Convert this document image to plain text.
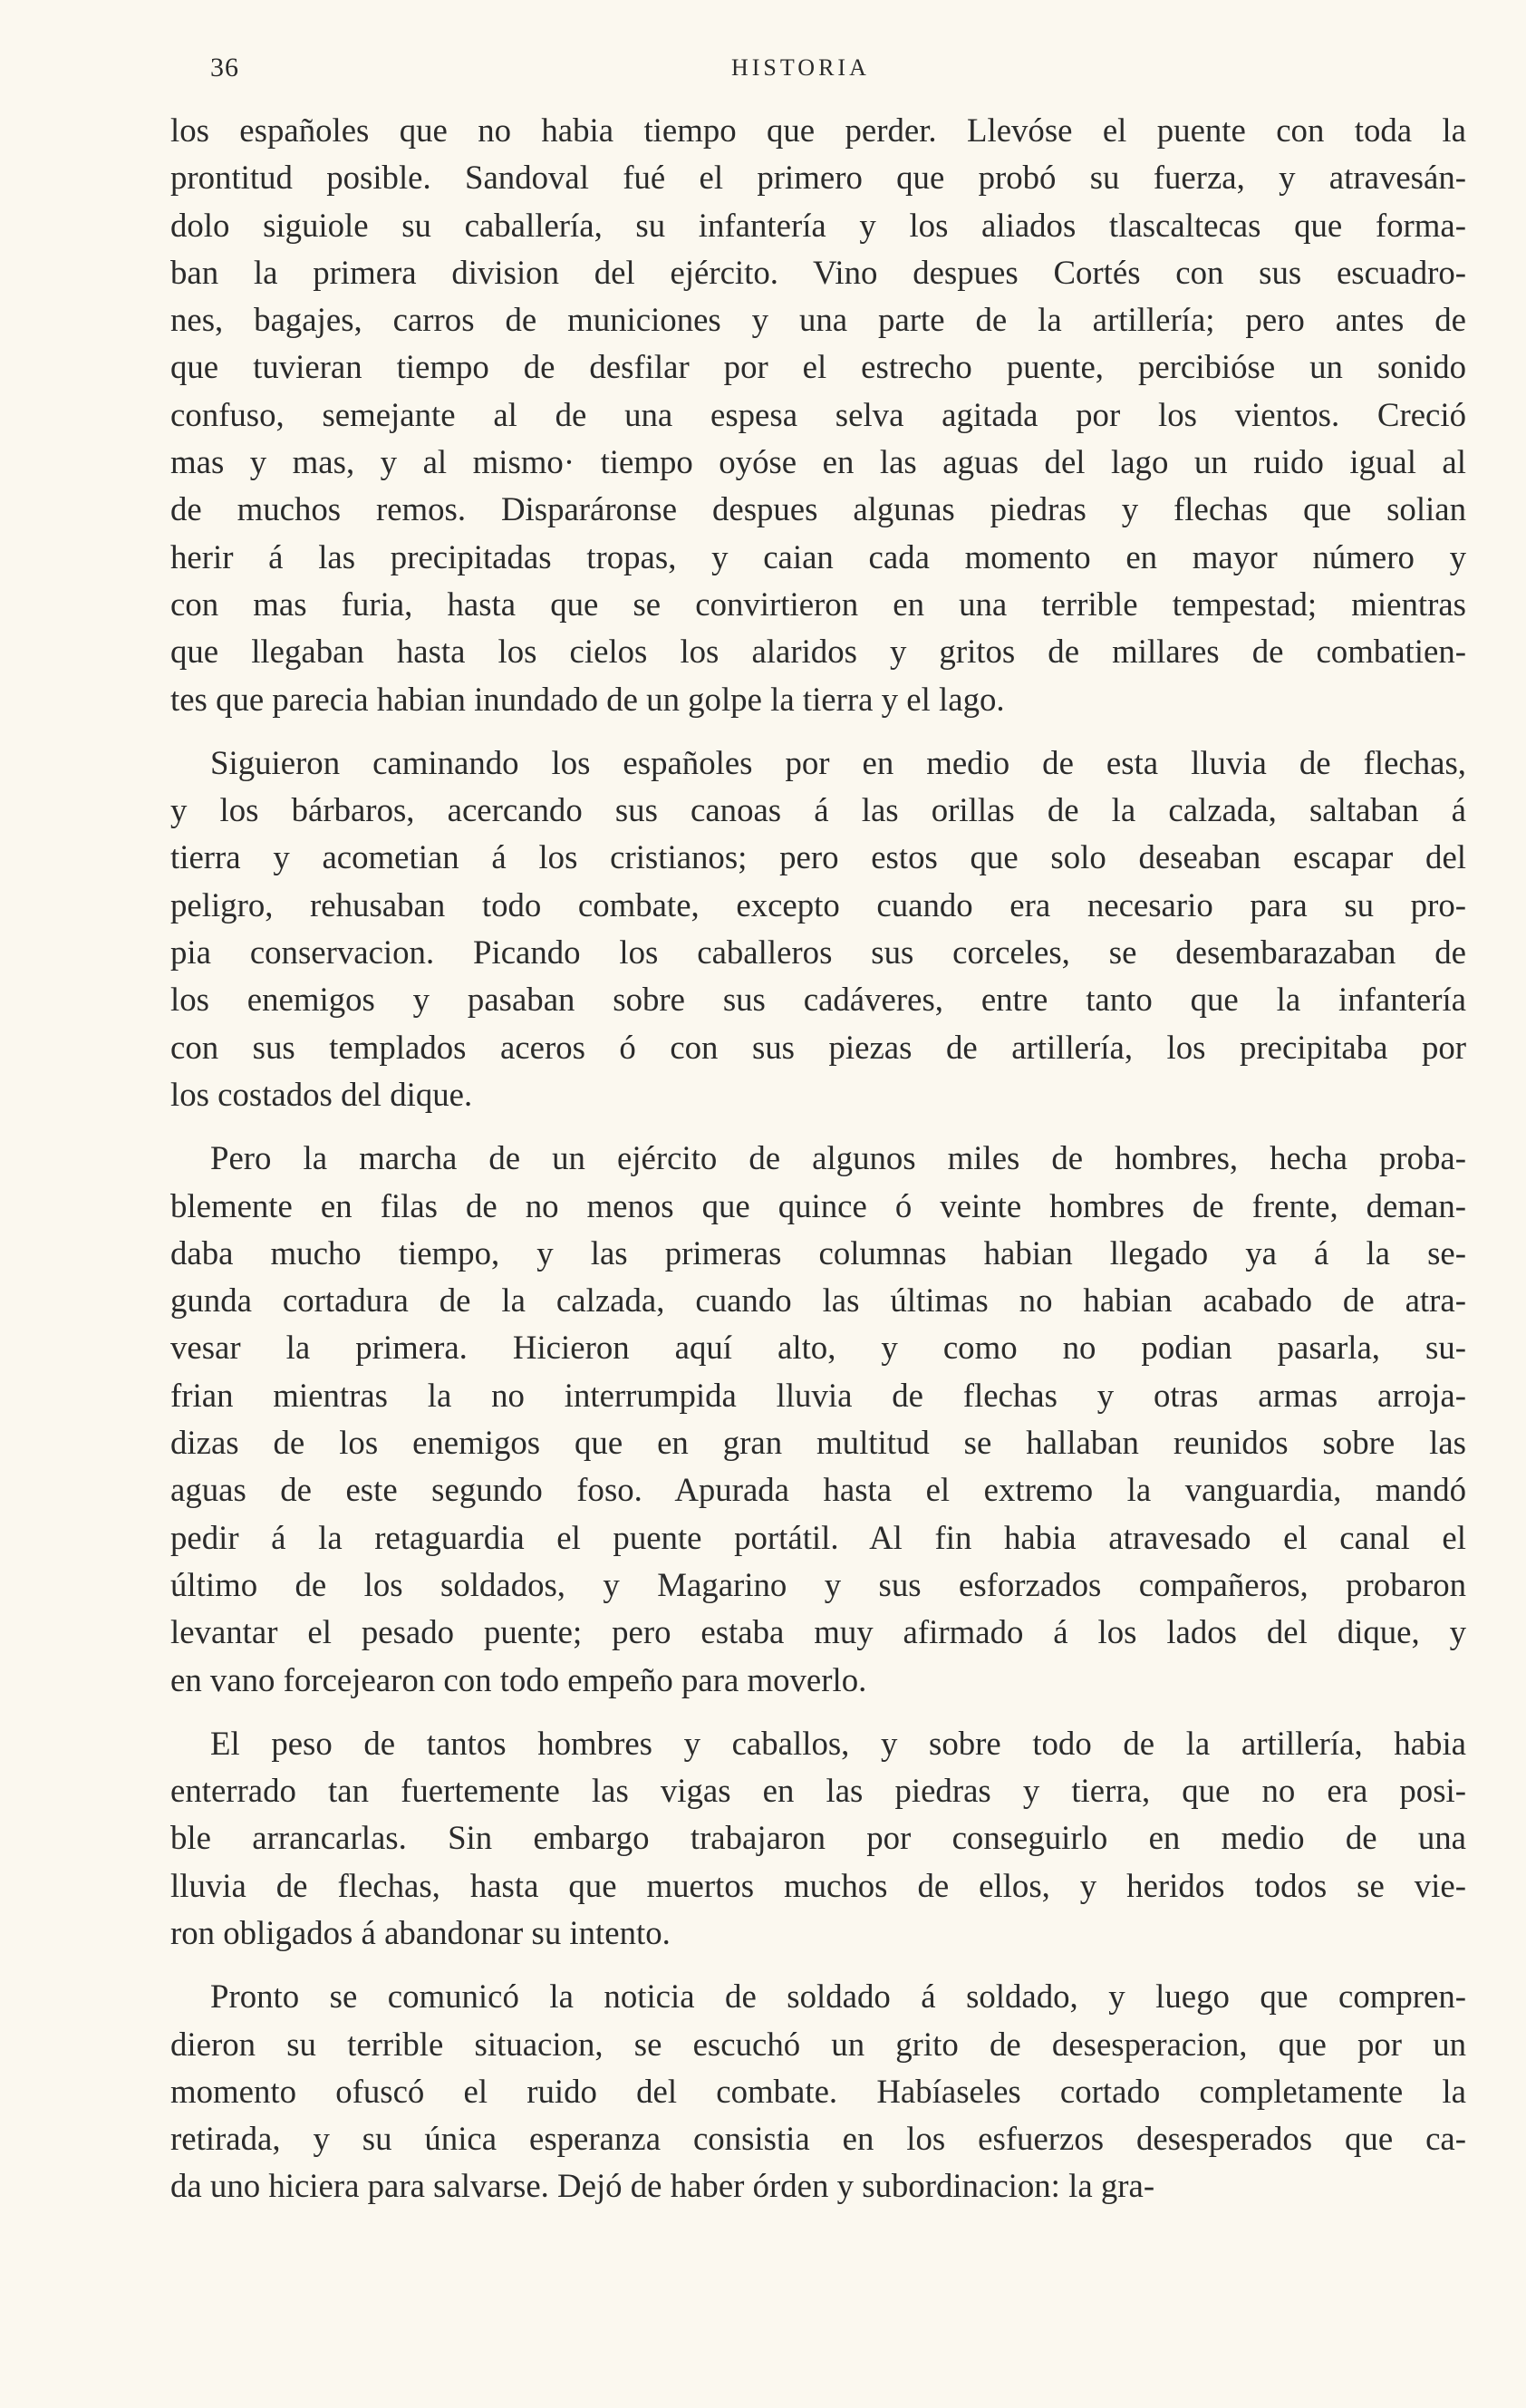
36	HISTORIA
los españoles que no habia tiempo que perder. Llevóse el puente con toda la
prontitud posible. Sandoval fué el primero que probó su fuerza, y atravesán-
dolo siguiole su caballería, su infantería y los aliados tlascaltecas que forma-
ban la primera division del ejército. Vino despues Cortés con sus escuadro-
nes, bagajes, carros de municiones y una parte de la artillería; pero antes de
que tuvieran tiempo de desfilar por el estrecho puente, percibióse un sonido
confuso, semejante al de una espesa selva agitada por los vientos. Creció
mas y mas, y al mismo· tiempo oyóse en las aguas del lago un ruido igual al
de muchos remos. Disparáronse despues algunas piedras y flechas que solian
herir á las precipitadas tropas, y caian cada momento en mayor número y
con mas furia, hasta que se convirtieron en una terrible tempestad; mientras
que llegaban hasta los cielos los alaridos y gritos de millares de combatien-
tes que parecia habian inundado de un golpe la tierra y el lago.
Siguieron caminando los españoles por en medio de esta lluvia de flechas,
y los bárbaros, acercando sus canoas á las orillas de la calzada, saltaban á
tierra y acometian á los cristianos; pero estos que solo deseaban escapar del
peligro, rehusaban todo combate, excepto cuando era necesario para su pro-
pia conservacion. Picando los caballeros sus corceles, se desembarazaban de
los enemigos y pasaban sobre sus cadáveres, entre tanto que la infantería
con sus templados aceros ó con sus piezas de artillería, los precipitaba por
los costados del dique.
Pero la marcha de un ejército de algunos miles de hombres, hecha proba-
blemente en filas de no menos que quince ó veinte hombres de frente, deman-
daba mucho tiempo, y las primeras columnas habian llegado ya á la se-
gunda cortadura de la calzada, cuando las últimas no habian acabado de atra-
vesar la primera. Hicieron aquí alto, y como no podian pasarla, su-
frian mientras la no interrumpida lluvia de flechas y otras armas arroja-
dizas de los enemigos que en gran multitud se hallaban reunidos sobre las
aguas de este segundo foso. Apurada hasta el extremo la vanguardia, mandó
pedir á la retaguardia el puente portátil. Al fin habia atravesado el canal el
último de los soldados, y Magarino y sus esforzados compañeros, probaron
levantar el pesado puente; pero estaba muy afirmado á los lados del dique, y
en vano forcejearon con todo empeño para moverlo.
El peso de tantos hombres y caballos, y sobre todo de la artillería, habia
enterrado tan fuertemente las vigas en las piedras y tierra, que no era posi-
ble arrancarlas. Sin embargo trabajaron por conseguirlo en medio de una
lluvia de flechas, hasta que muertos muchos de ellos, y heridos todos se vie-
ron obligados á abandonar su intento.
Pronto se comunicó la noticia de soldado á soldado, y luego que compren-
dieron su terrible situacion, se escuchó un grito de desesperacion, que por un
momento ofuscó el ruido del combate. Habíaseles cortado completamente la
retirada, y su única esperanza consistia en los esfuerzos desesperados que ca-
da uno hiciera para salvarse. Dejó de haber órden y subordinacion: la gra-
